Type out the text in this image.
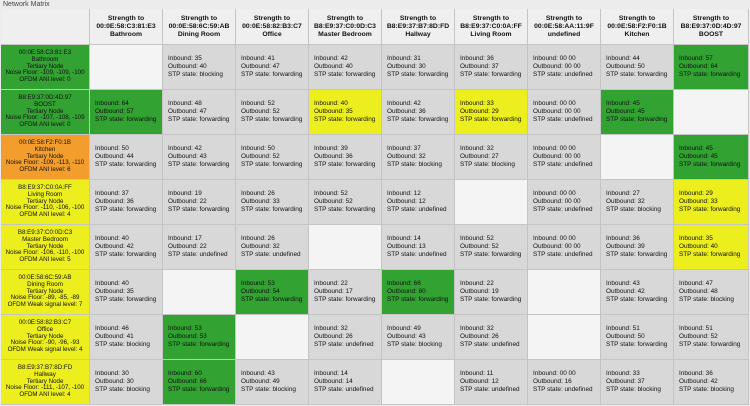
Network Matrix

	Strength to
00:0E:58:C3:81:E3
Bathroom	Strength to
00:0E:58:6C:59:AB
Dining Room	Strength to
00:0E:58:82:B3:C7
Office	Strength to
B8:E9:37:C0:0D:C3
Master Bedroom	Strength to
B8:E9:37:B7:8D:FD
Hallway	Strength to
B8:E9:37:C0:0A:FF
Living Room	Strength to
00:0E:58:AA:11:9F
undefined	Strength to
00:0E:58:F2:F0:1B
Kitchen	Strength to
B8:E9:37:0D:4D:97
BOOST

00:0E:58:C3:81:E3
Bathroom
Tertiary Node
Noise Floor: -109, -109, -100
OFDM ANI level: 0		Inbound: 35
Outbound: 40
STP state: blocking	Inbound: 41
Outbound: 47
STP state: forwarding	Inbound: 42
Outbound: 40
STP state: forwarding	Inbound: 31
Outbound: 30
STP state: forwarding	Inbound: 36
Outbound: 37
STP state: forwarding	Inbound: 00 00
Outbound: 00 00
STP state: undefined	Inbound: 44
Outbound: 50
STP state: forwarding	Inbound: 57
Outbound: 64
STP state: forwarding

B8:E9:37:0D:4D:97
BOOST
Tertiary Node
Noise Floor: -107, -108, -109
OFDM ANI level: 0	Inbound: 64
Outbound: 57
STP state: forwarding	Inbound: 48
Outbound: 47
STP state: forwarding	Inbound: 52
Outbound: 52
STP state: forwarding	Inbound: 40
Outbound: 35
STP state: forwarding	Inbound: 42
Outbound: 36
STP state: forwarding	Inbound: 33
Outbound: 29
STP state: forwarding	Inbound: 00 00
Outbound: 00 00
STP state: undefined	Inbound: 45
Outbound: 45
STP state: forwarding	

00:0E:58:F2:F0:1B
Kitchen
Tertiary Node
Noise Floor: -109, -113, -110
OFDM ANI level: 6	Inbound: 50
Outbound: 44
STP state: forwarding	Inbound: 42
Outbound: 43
STP state: forwarding	Inbound: 50
Outbound: 52
STP state: forwarding	Inbound: 39
Outbound: 36
STP state: forwarding	Inbound: 37
Outbound: 32
STP state: blocking	Inbound: 32
Outbound: 27
STP state: blocking	Inbound: 00 00
Outbound: 00 00
STP state: undefined		Inbound: 45
Outbound: 45
STP state: forwarding

B8:E9:37:C0:0A:FF
Living Room
Tertiary Node
Noise Floor: -110, -106, -100
OFDM ANI level: 4	Inbound: 37
Outbound: 36
STP state: forwarding	Inbound: 19
Outbound: 22
STP state: forwarding	Inbound: 26
Outbound: 33
STP state: forwarding	Inbound: 52
Outbound: 52
STP state: forwarding	Inbound: 12
Outbound: 12
STP state: undefined		Inbound: 00 00
Outbound: 00 00
STP state: undefined	Inbound: 27
Outbound: 32
STP state: blocking	Inbound: 29
Outbound: 33
STP state: forwarding

B8:E9:37:C0:0D:C3
Master Bedroom
Tertiary Node
Noise Floor: -106, -110, -100
OFDM ANI level: 5	Inbound: 40
Outbound: 42
STP state: forwarding	Inbound: 17
Outbound: 22
STP state: undefined	Inbound: 26
Outbound: 32
STP state: undefined		Inbound: 14
Outbound: 13
STP state: undefined	Inbound: 52
Outbound: 52
STP state: forwarding	Inbound: 00 00
Outbound: 00 00
STP state: undefined	Inbound: 36
Outbound: 39
STP state: forwarding	Inbound: 35
Outbound: 40
STP state: forwarding

00:0E:58:6C:59:AB
Dining Room
Tertiary Node
Noise Floor: -89, -85, -89
OFDM Weak signal level: 7	Inbound: 40
Outbound: 35
STP state: forwarding		Inbound: 53
Outbound: 54
STP state: forwarding	Inbound: 22
Outbound: 17
STP state: forwarding	Inbound: 66
Outbound: 60
STP state: forwarding	Inbound: 22
Outbound: 19
STP state: forwarding		Inbound: 43
Outbound: 42
STP state: forwarding	Inbound: 47
Outbound: 48
STP state: blocking

00:0E:58:82:B3:C7
Office
Tertiary Node
Noise Floor: -90, -96, -93
OFDM Weak signal level: 4	Inbound: 46
Outbound: 41
STP state: blocking	Inbound: 53
Outbound: 53
STP state: forwarding		Inbound: 32
Outbound: 26
STP state: undefined	Inbound: 49
Outbound: 43
STP state: blocking	Inbound: 32
Outbound: 26
STP state: undefined		Inbound: 51
Outbound: 50
STP state: forwarding	Inbound: 51
Outbound: 52
STP state: forwarding

B8:E9:37:B7:8D:FD
Hallway
Tertiary Node
Noise Floor: -111, -107, -100
OFDM ANI level: 4	Inbound: 30
Outbound: 30
STP state: blocking	Inbound: 60
Outbound: 66
STP state: forwarding	Inbound: 43
Outbound: 49
STP state: blocking	Inbound: 14
Outbound: 14
STP state: undefined		Inbound: 11
Outbound: 12
STP state: undefined	Inbound: 00 00
Outbound: 16
STP state: undefined	Inbound: 33
Outbound: 37
STP state: blocking	Inbound: 36
Outbound: 42
STP state: blocking
